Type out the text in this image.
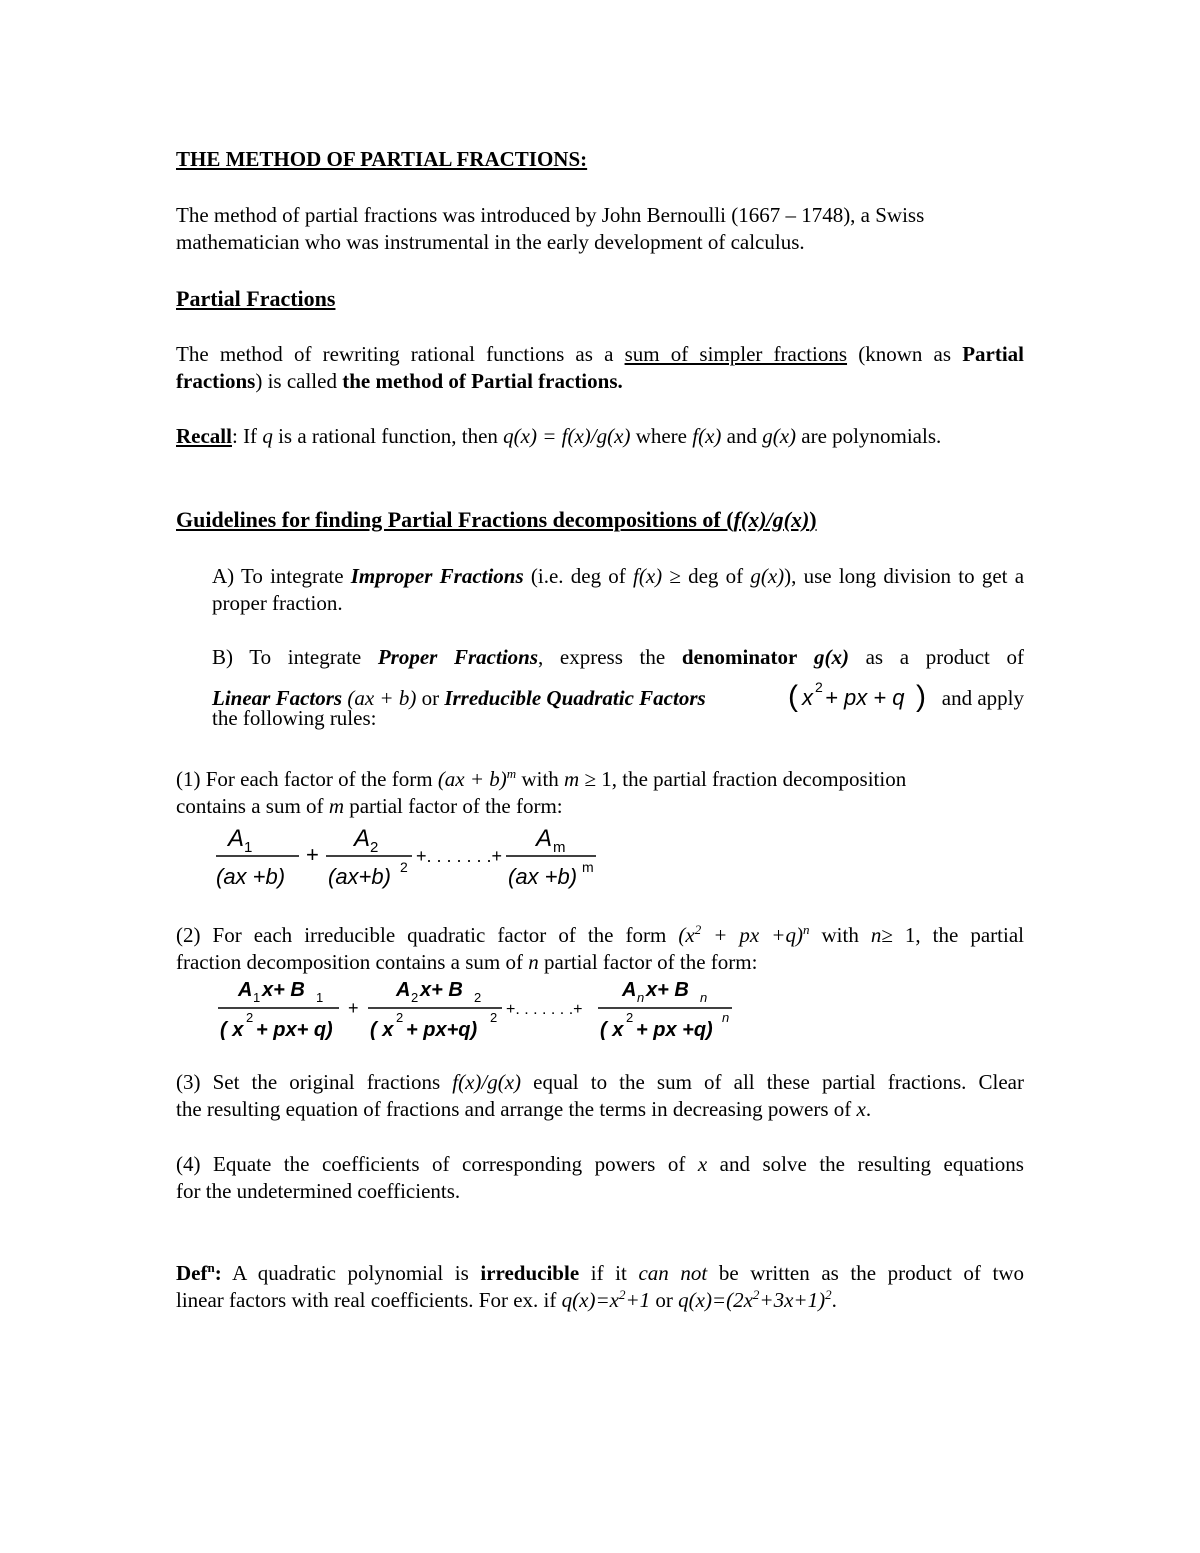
THE METHOD OF PARTIAL FRACTIONS:
The method of partial fractions was introduced by John Bernoulli (1667 – 1748), a Swiss
mathematician who was instrumental in the early development of calculus.
Partial Fractions
The method of rewriting rational functions as a sum of simpler fractions (known as Partial fractions) is called the method of Partial fractions.
Recall: If q is a rational function, then q(x) = f(x)/g(x) where f(x) and g(x) are polynomials.
Guidelines for finding Partial Fractions decompositions of (f(x)/g(x))
A) To integrate Improper Fractions (i.e. deg of f(x) ≥ deg of g(x)), use long division to get a proper fraction.
B) To integrate Proper Fractions, express the denominator g(x) as a product of
Linear Factors (ax + b) or Irreducible Quadratic Factors	( x 2 + px + q ) and apply
the following rules:
(1) For each factor of the form (ax + b)$^m$ with m ≥ 1, the partial fraction decomposition
contains a sum of m partial factor of the form:
A 1
(ax +b)
+
A 2
(ax+b) 2
+. . . . . . .+
A m
(ax +b) m
(2) For each irreducible quadratic factor of the form ($x^2$ + px +q)$^n$ with n≥ 1, the partial
fraction decomposition contains a sum of n partial factor of the form:
A 1 x+ B 1
( x
2
+ px+ q)
+
A 2 x+ B 2
( x
2
+ px+q)
2 +. . . . . . .+
A n x+ B n
( x
2
+ px +q)
n
(3) Set the original fractions f(x)/g(x) equal to the sum of all these partial fractions. Clear
the resulting equation of fractions and arrange the terms in decreasing powers of x.
(4) Equate the coefficients of corresponding powers of x and solve the resulting equations
for the undetermined coefficients.
Def$^n$: A quadratic polynomial is irreducible if it can not be written as the product of two
linear factors with real coefficients. For ex. if $q(x)=x^2+1$ or $q(x)=(2x^2+3x+1)^2$.
